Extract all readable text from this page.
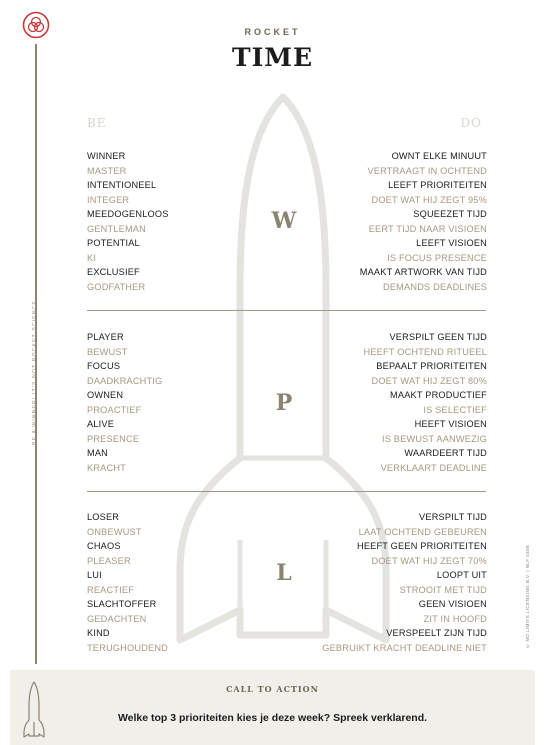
BE A WINNER! IT'S NOT ROCKET SCIENCE
ROCKET
TIME
BE	DO
W
WINNER	OWNT ELKE MINUUT
MASTER	VERTRAAGT IN OCHTEND
INTENTIONEEL	LEEFT PRIORITEITEN
INTEGER	DOET WAT HIJ ZEGT 95%
MEEDOGENLOOS	SQUEEZET TIJD
GENTLEMAN	EERT TIJD NAAR VISIOEN
POTENTIAL	LEEFT VISIOEN
KI	IS FOCUS PRESENCE
EXCLUSIEF	MAAKT ARTWORK VAN TIJD
GODFATHER	DEMANDS DEADLINES
P
PLAYER	VERSPILT GEEN TIJD
BEWUST	HEEFT OCHTEND RITUEEL
FOCUS	BEPAALT PRIORITEITEN
DAADKRACHTIG	DOET WAT HIJ ZEGT 80%
OWNEN	MAAKT PRODUCTIEF
PROACTIEF	IS SELECTIEF
ALIVE	HEEFT VISIOEN
PRESENCE	IS BEWUST AANWEZIG
MAN	WAARDEERT TIJD
KRACHT	VERKLAART DEADLINE
L
LOSER	VERSPILT TIJD
ONBEWUST	LAAT OCHTEND GEBEUREN
CHAOS	HEEFT GEEN PRIORITEITEN
PLEASER	DOET WAT HIJ ZEGT 70%
LUI	LOOPT UIT
REACTIEF	STROOIT MET TIJD
SLACHTOFFER	GEEN VISIOEN
GEDACHTEN	ZIT IN HOOFD
KIND	VERSPEELT ZIJN TIJD
TERUGHOUDEND	GEBRUIKT KRACHT DEADLINE NIET	© NO LIMITS LICENSING B.V. | NLF 0458
CALL TO ACTION
Welke top 3 prioriteiten kies je deze week? Spreek verklarend.
